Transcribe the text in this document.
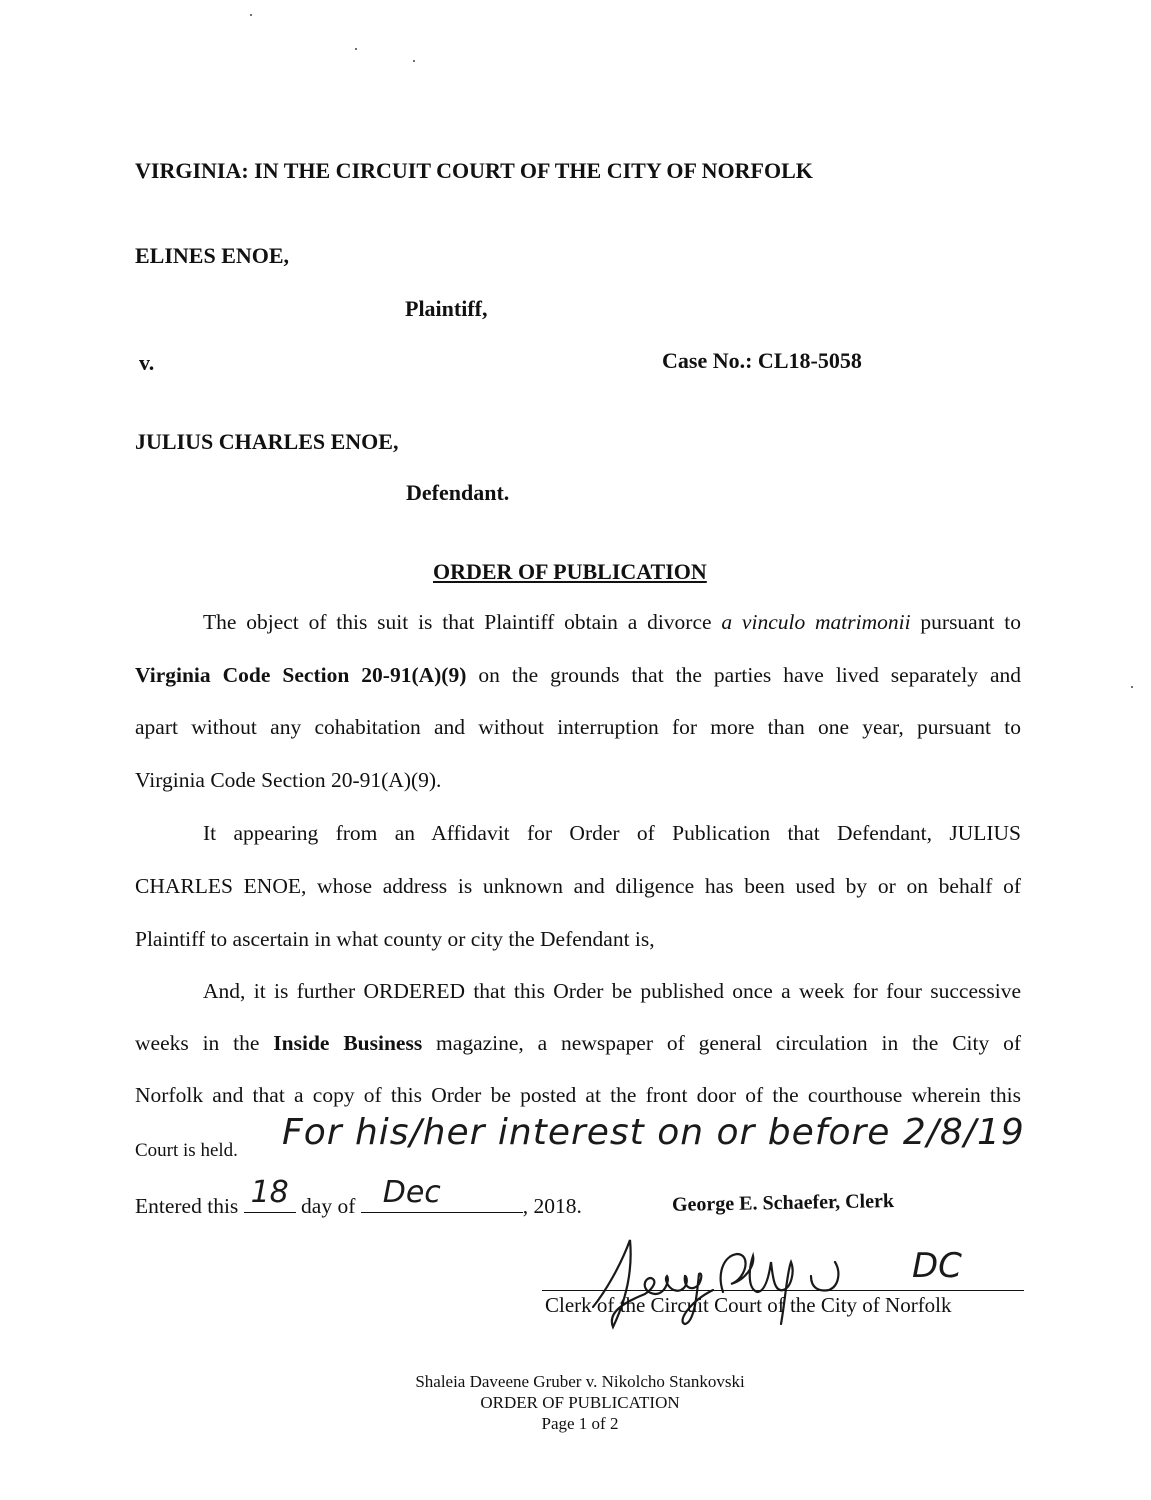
VIRGINIA: IN THE CIRCUIT COURT OF THE CITY OF NORFOLK
ELINES ENOE,
Plaintiff,
v.	Case No.: CL18-5058
JULIUS CHARLES ENOE,
Defendant.
ORDER OF PUBLICATION
The object of this suit is that Plaintiff obtain a divorce a vinculo matrimonii pursuant to
Virginia Code Section 20-91(A)(9) on the grounds that the parties have lived separately and
apart without any cohabitation and without interruption for more than one year, pursuant to
Virginia Code Section 20-91(A)(9).
It appearing from an Affidavit for Order of Publication that Defendant, JULIUS
CHARLES ENOE, whose address is unknown and diligence has been used by or on behalf of
Plaintiff to ascertain in what county or city the Defendant is,
And, it is further ORDERED that this Order be published once a week for four successive
weeks in the Inside Business magazine, a newspaper of general circulation in the City of
Norfolk and that a copy of this Order be posted at the front door of the courthouse wherein this
Court is held. For his/her interest on or before 2/8/19
Entered this 18 day of Dec	, 2018.	George E. Schaefer, Clerk
DC
Clerk of the Circuit Court of the City of Norfolk
Shaleia Daveene Gruber v. Nikolcho Stankovski
ORDER OF PUBLICATION
Page 1 of 2
